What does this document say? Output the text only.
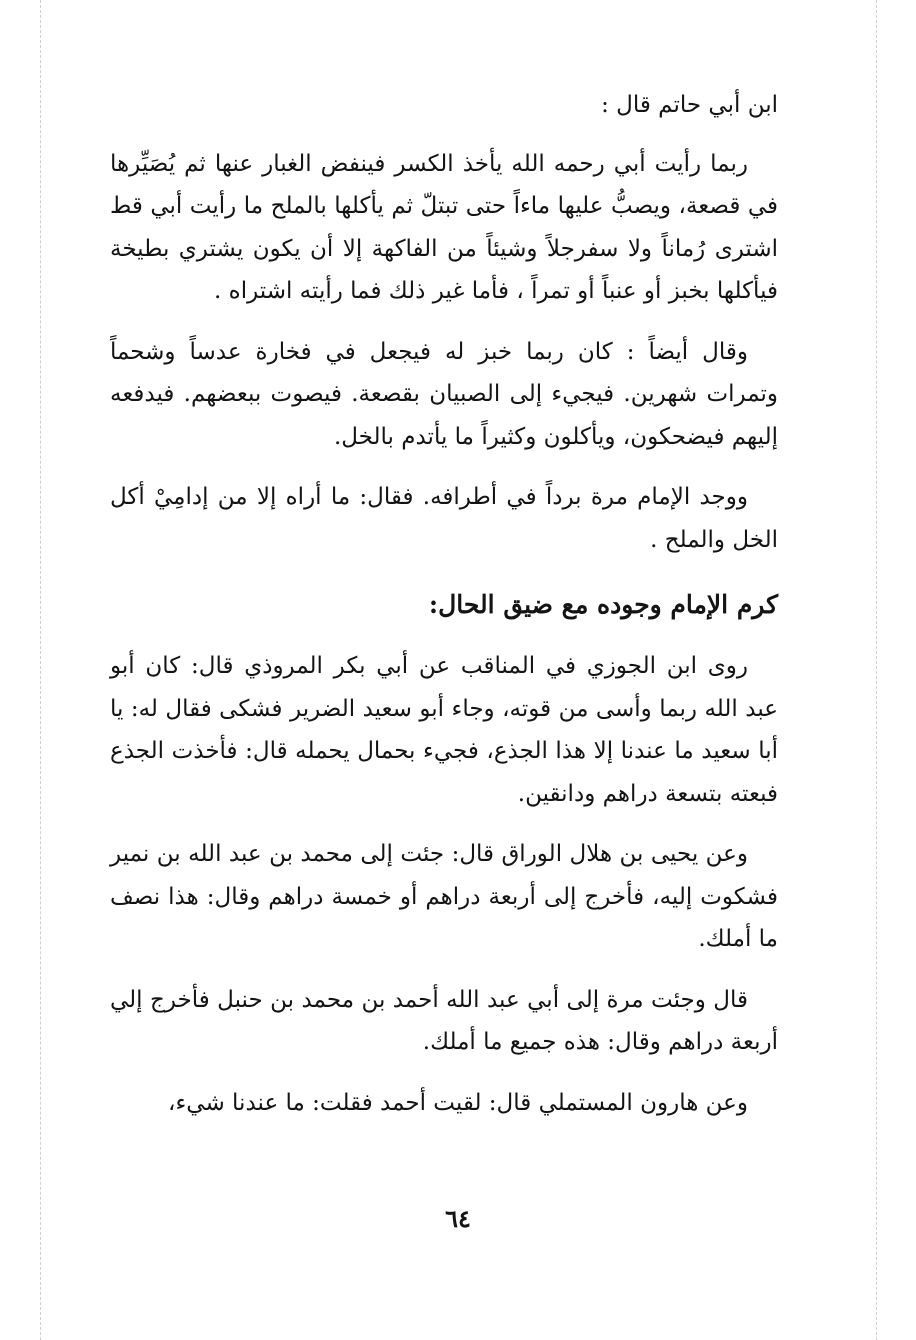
ابن أبي حاتم قال :

ربما رأيت أبي رحمه الله يأخذ الكسر فينفض الغبار عنها ثم يُصَيِّرها في قصعة، ويصبُّ عليها ماءاً حتى تبتلّ ثم يأكلها بالملح ما رأيت أبي قط اشترى رُماناً ولا سفرجلاً وشيئاً من الفاكهة إلا أن يكون يشتري بطيخة فيأكلها بخبز أو عنباً أو تمراً ، فأما غير ذلك فما رأيته اشتراه .

وقال أيضاً : كان ربما خبز له فيجعل في فخارة عدساً وشحماً وتمرات شهرين. فيجيء إلى الصبيان بقصعة. فيصوت ببعضهم. فيدفعه إليهم فيضحكون، ويأكلون وكثيراً ما يأتدم بالخل.

ووجد الإمام مرة برداً في أطرافه. فقال: ما أراه إلا من إدامِيْ أكل الخل والملح .

كرم الإمام وجوده مع ضيق الحال:

روى ابن الجوزي في المناقب عن أبي بكر المروذي قال: كان أبو عبد الله ربما وأسى من قوته، وجاء أبو سعيد الضرير فشكى فقال له: يا أبا سعيد ما عندنا إلا هذا الجذع، فجيء بحمال يحمله قال: فأخذت الجذع فبعته بتسعة دراهم ودانقين.

وعن يحيى بن هلال الوراق قال: جئت إلى محمد بن عبد الله بن نمير فشكوت إليه، فأخرج إلى أربعة دراهم أو خمسة دراهم وقال: هذا نصف ما أملك.

قال وجئت مرة إلى أبي عبد الله أحمد بن محمد بن حنبل فأخرج إلي أربعة دراهم وقال: هذه جميع ما أملك.

وعن هارون المستملي قال: لقيت أحمد فقلت: ما عندنا شيء،

٦٤
